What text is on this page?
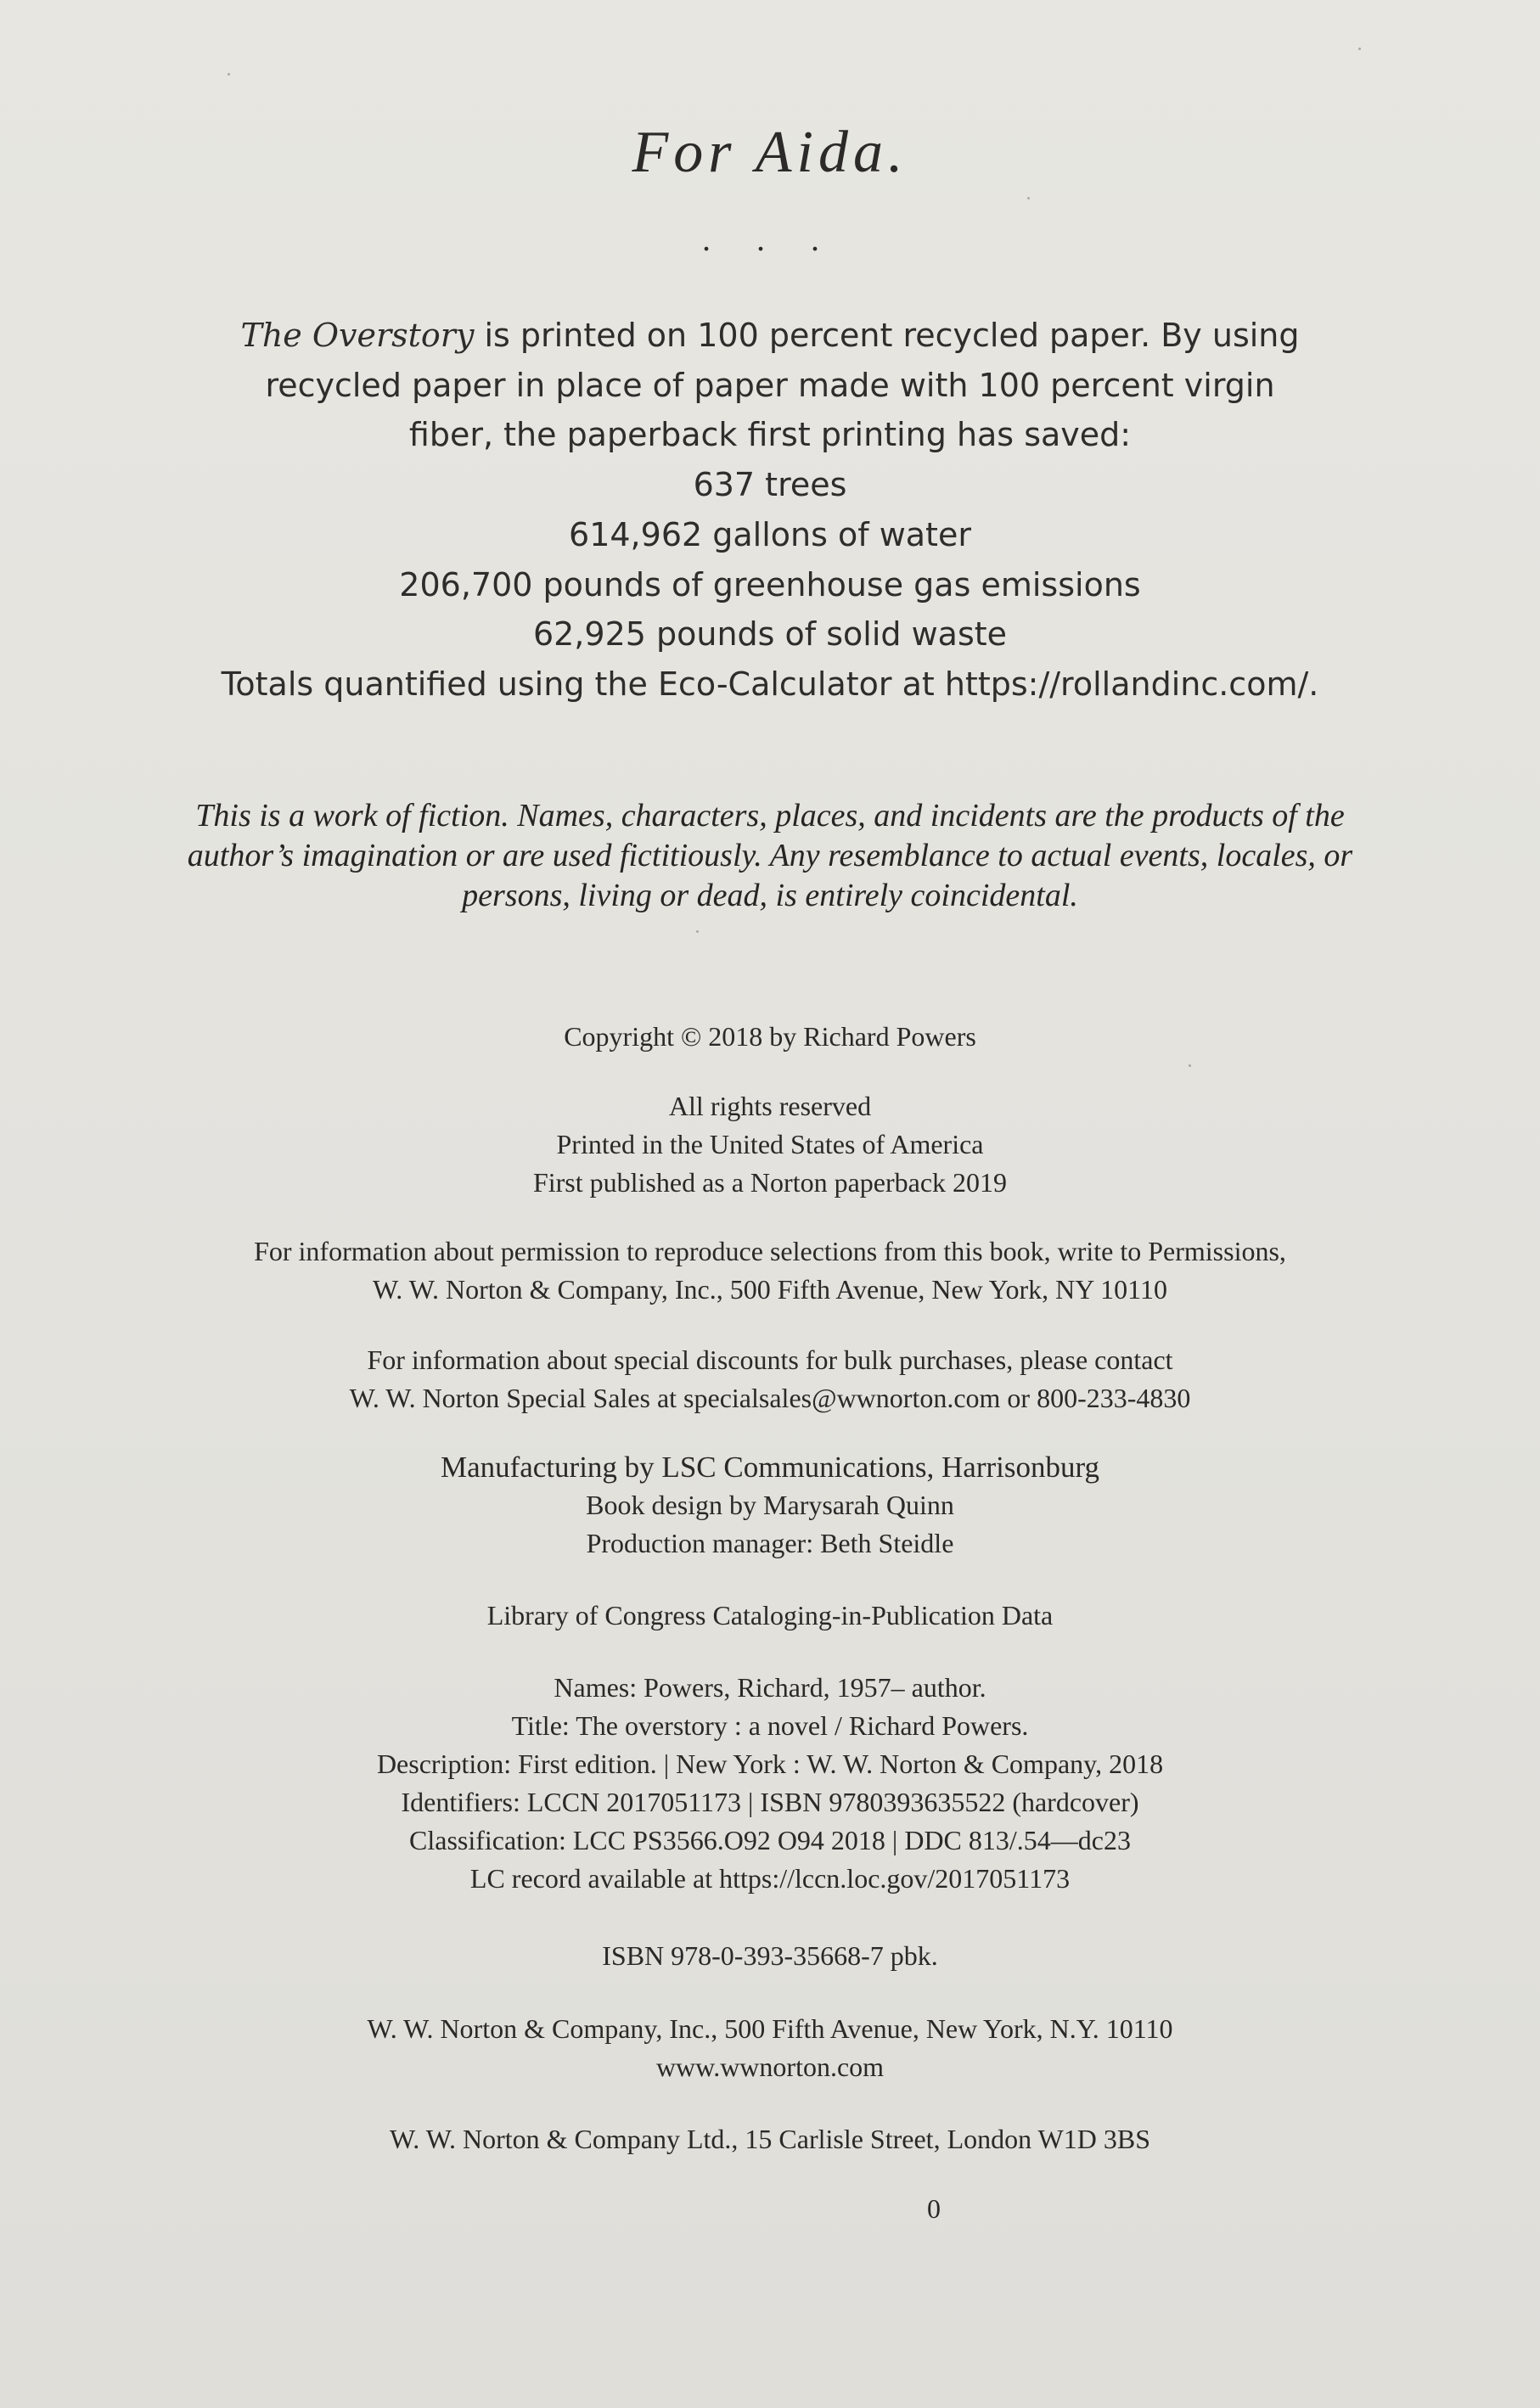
For Aida.
. . .
The Overstory is printed on 100 percent recycled paper. By using
recycled paper in place of paper made with 100 percent virgin
fiber, the paperback first printing has saved:
637 trees
614,962 gallons of water
206,700 pounds of greenhouse gas emissions
62,925 pounds of solid waste
Totals quantified using the Eco-Calculator at https://rollandinc.com/.
This is a work of fiction. Names, characters, places, and incidents are the products of the
author’s imagination or are used fictitiously. Any resemblance to actual events, locales, or
persons, living or dead, is entirely coincidental.
Copyright © 2018 by Richard Powers
All rights reserved
Printed in the United States of America
First published as a Norton paperback 2019
For information about permission to reproduce selections from this book, write to Permissions,
W. W. Norton & Company, Inc., 500 Fifth Avenue, New York, NY 10110
For information about special discounts for bulk purchases, please contact
W. W. Norton Special Sales at specialsales@wwnorton.com or 800-233-4830
Manufacturing by LSC Communications, Harrisonburg
Book design by Marysarah Quinn
Production manager: Beth Steidle
Library of Congress Cataloging-in-Publication Data
Names: Powers, Richard, 1957– author.
Title: The overstory : a novel / Richard Powers.
Description: First edition. | New York : W. W. Norton & Company, 2018
Identifiers: LCCN 2017051173 | ISBN 9780393635522 (hardcover)
Classification: LCC PS3566.O92 O94 2018 | DDC 813/.54—dc23
LC record available at https://lccn.loc.gov/2017051173
ISBN 978-0-393-35668-7 pbk.
W. W. Norton & Company, Inc., 500 Fifth Avenue, New York, N.Y. 10110
www.wwnorton.com
W. W. Norton & Company Ltd., 15 Carlisle Street, London W1D 3BS
0
